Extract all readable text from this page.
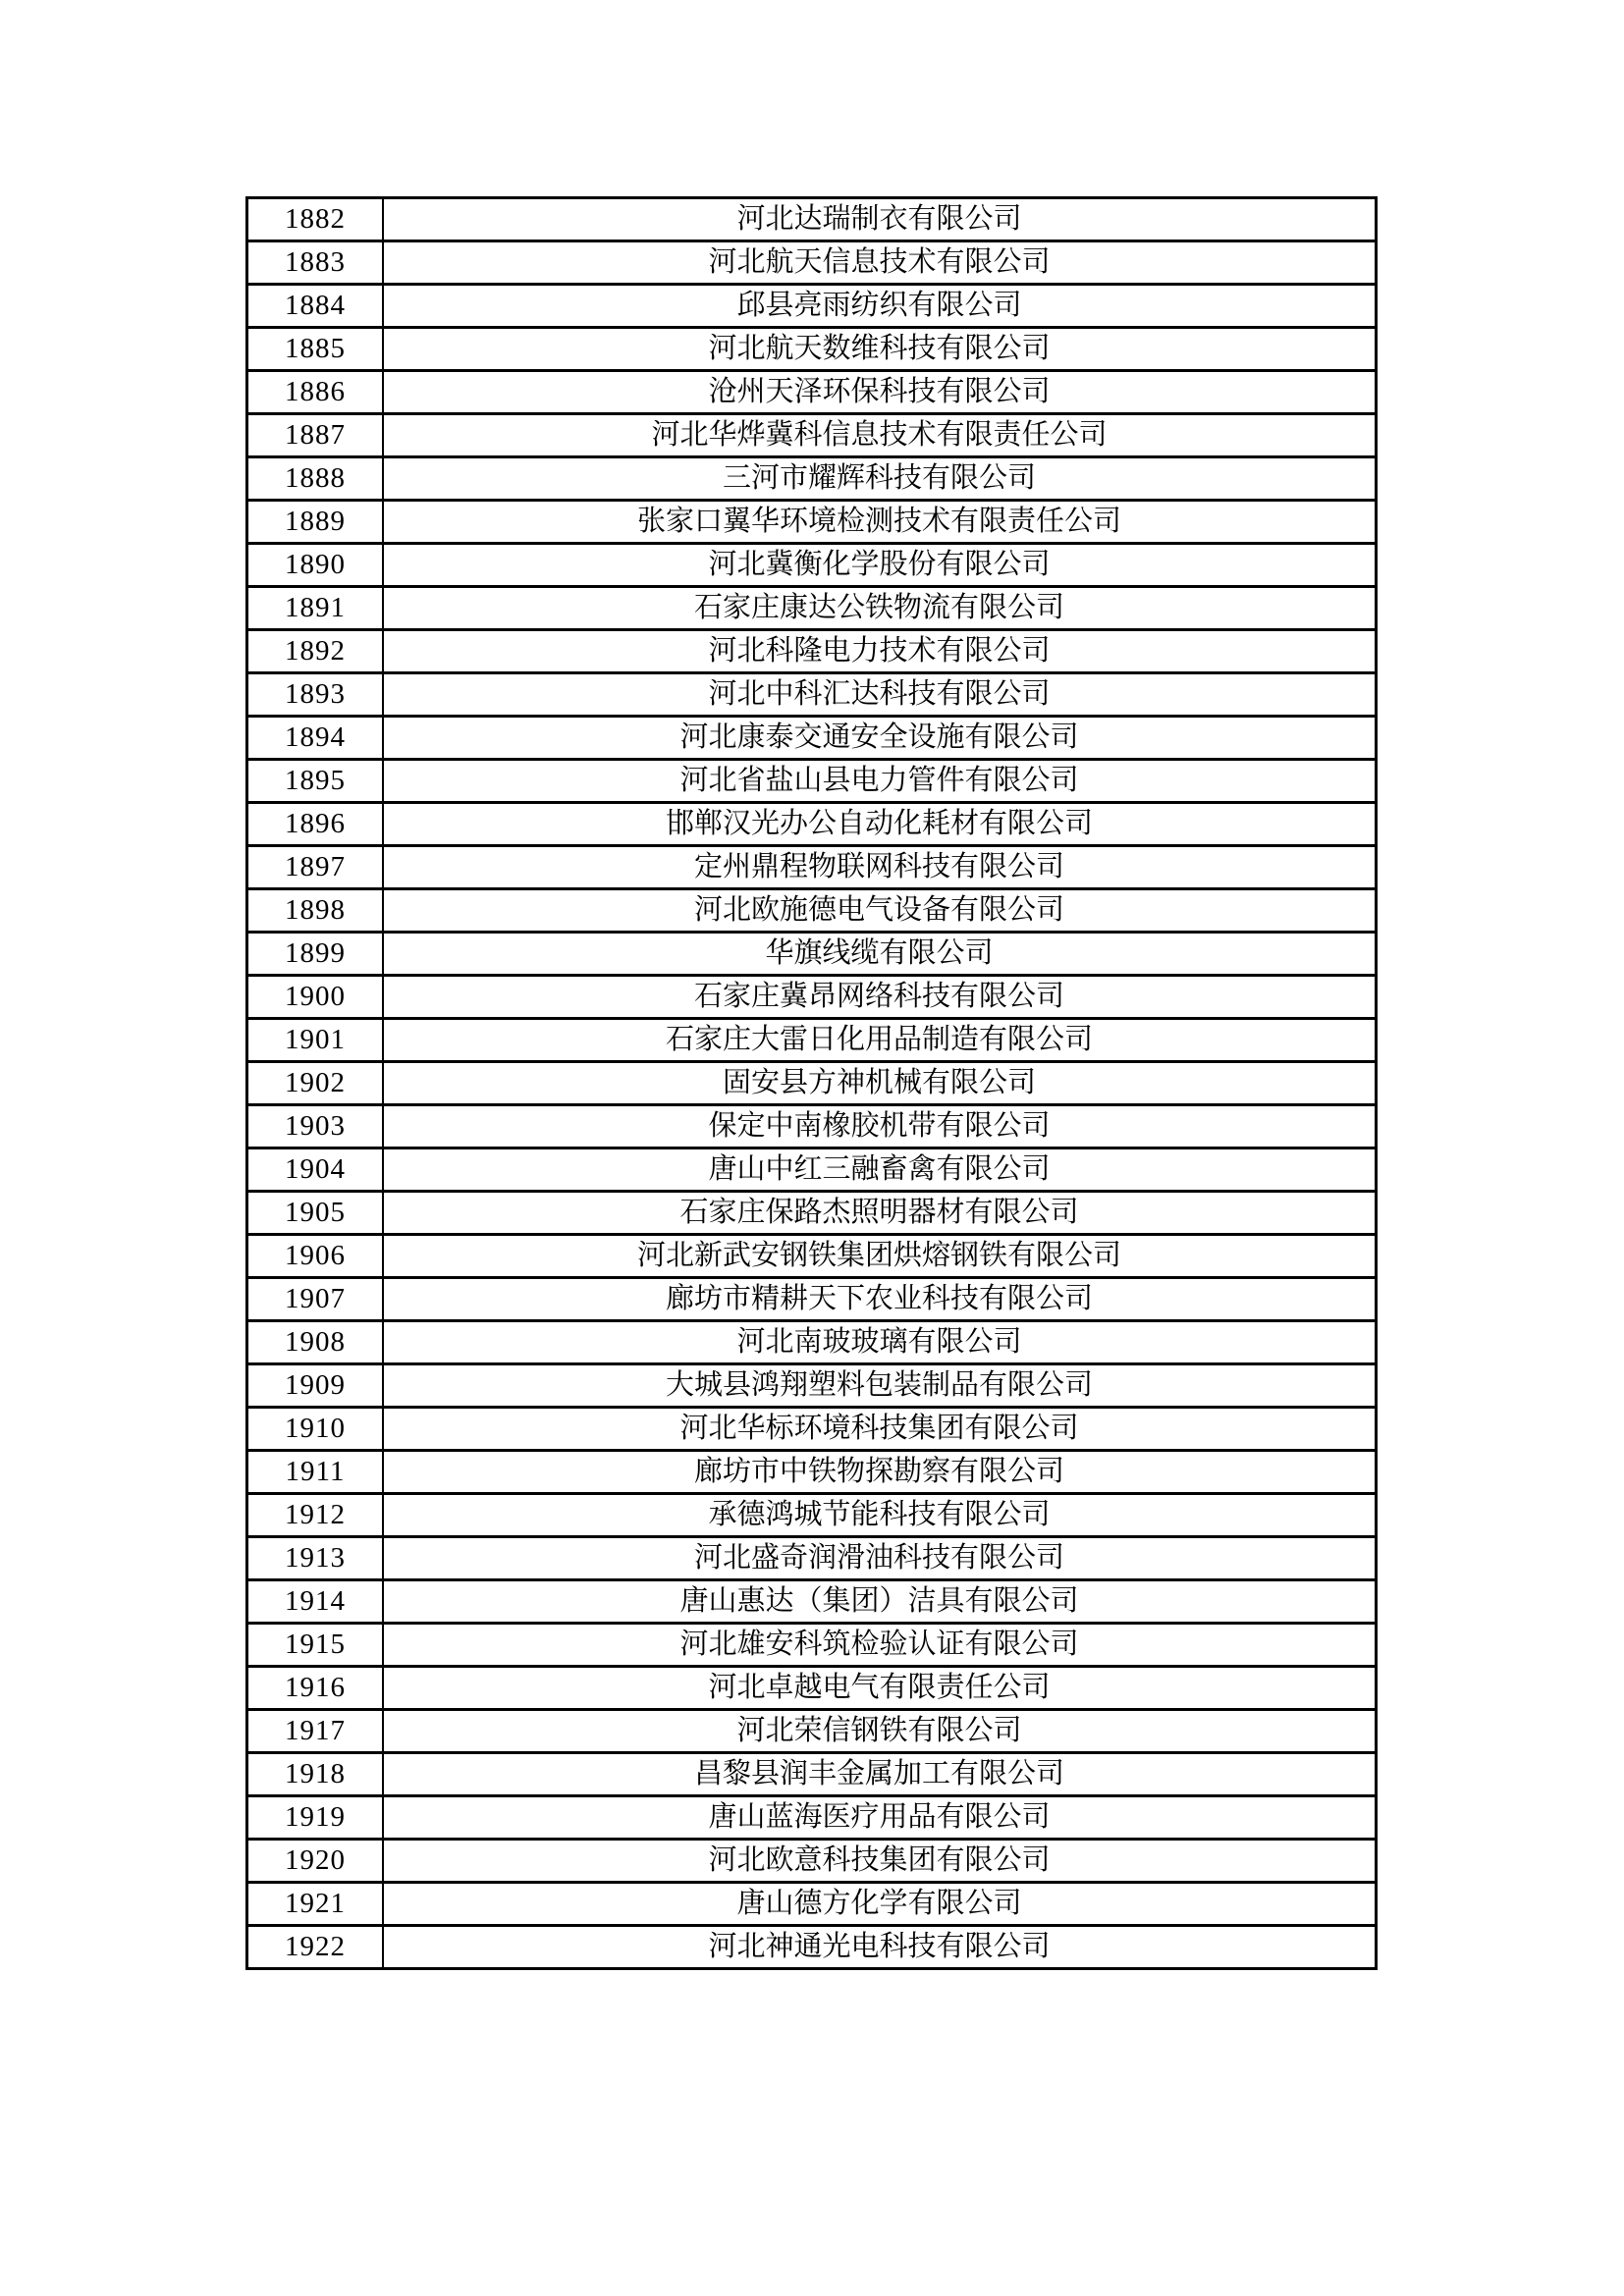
1882	河北达瑞制衣有限公司
1883	河北航天信息技术有限公司
1884	邱县亮雨纺织有限公司
1885	河北航天数维科技有限公司
1886	沧州天泽环保科技有限公司
1887	河北华烨冀科信息技术有限责任公司
1888	三河市耀辉科技有限公司
1889	张家口翼华环境检测技术有限责任公司
1890	河北冀衡化学股份有限公司
1891	石家庄康达公铁物流有限公司
1892	河北科隆电力技术有限公司
1893	河北中科汇达科技有限公司
1894	河北康泰交通安全设施有限公司
1895	河北省盐山县电力管件有限公司
1896	邯郸汉光办公自动化耗材有限公司
1897	定州鼎程物联网科技有限公司
1898	河北欧施德电气设备有限公司
1899	华旗线缆有限公司
1900	石家庄冀昂网络科技有限公司
1901	石家庄大雷日化用品制造有限公司
1902	固安县方神机械有限公司
1903	保定中南橡胶机带有限公司
1904	唐山中红三融畜禽有限公司
1905	石家庄保路杰照明器材有限公司
1906	河北新武安钢铁集团烘熔钢铁有限公司
1907	廊坊市精耕天下农业科技有限公司
1908	河北南玻玻璃有限公司
1909	大城县鸿翔塑料包装制品有限公司
1910	河北华标环境科技集团有限公司
1911	廊坊市中铁物探勘察有限公司
1912	承德鸿城节能科技有限公司
1913	河北盛奇润滑油科技有限公司
1914	唐山惠达（集团）洁具有限公司
1915	河北雄安科筑检验认证有限公司
1916	河北卓越电气有限责任公司
1917	河北荣信钢铁有限公司
1918	昌黎县润丰金属加工有限公司
1919	唐山蓝海医疗用品有限公司
1920	河北欧意科技集团有限公司
1921	唐山德方化学有限公司
1922	河北神通光电科技有限公司
